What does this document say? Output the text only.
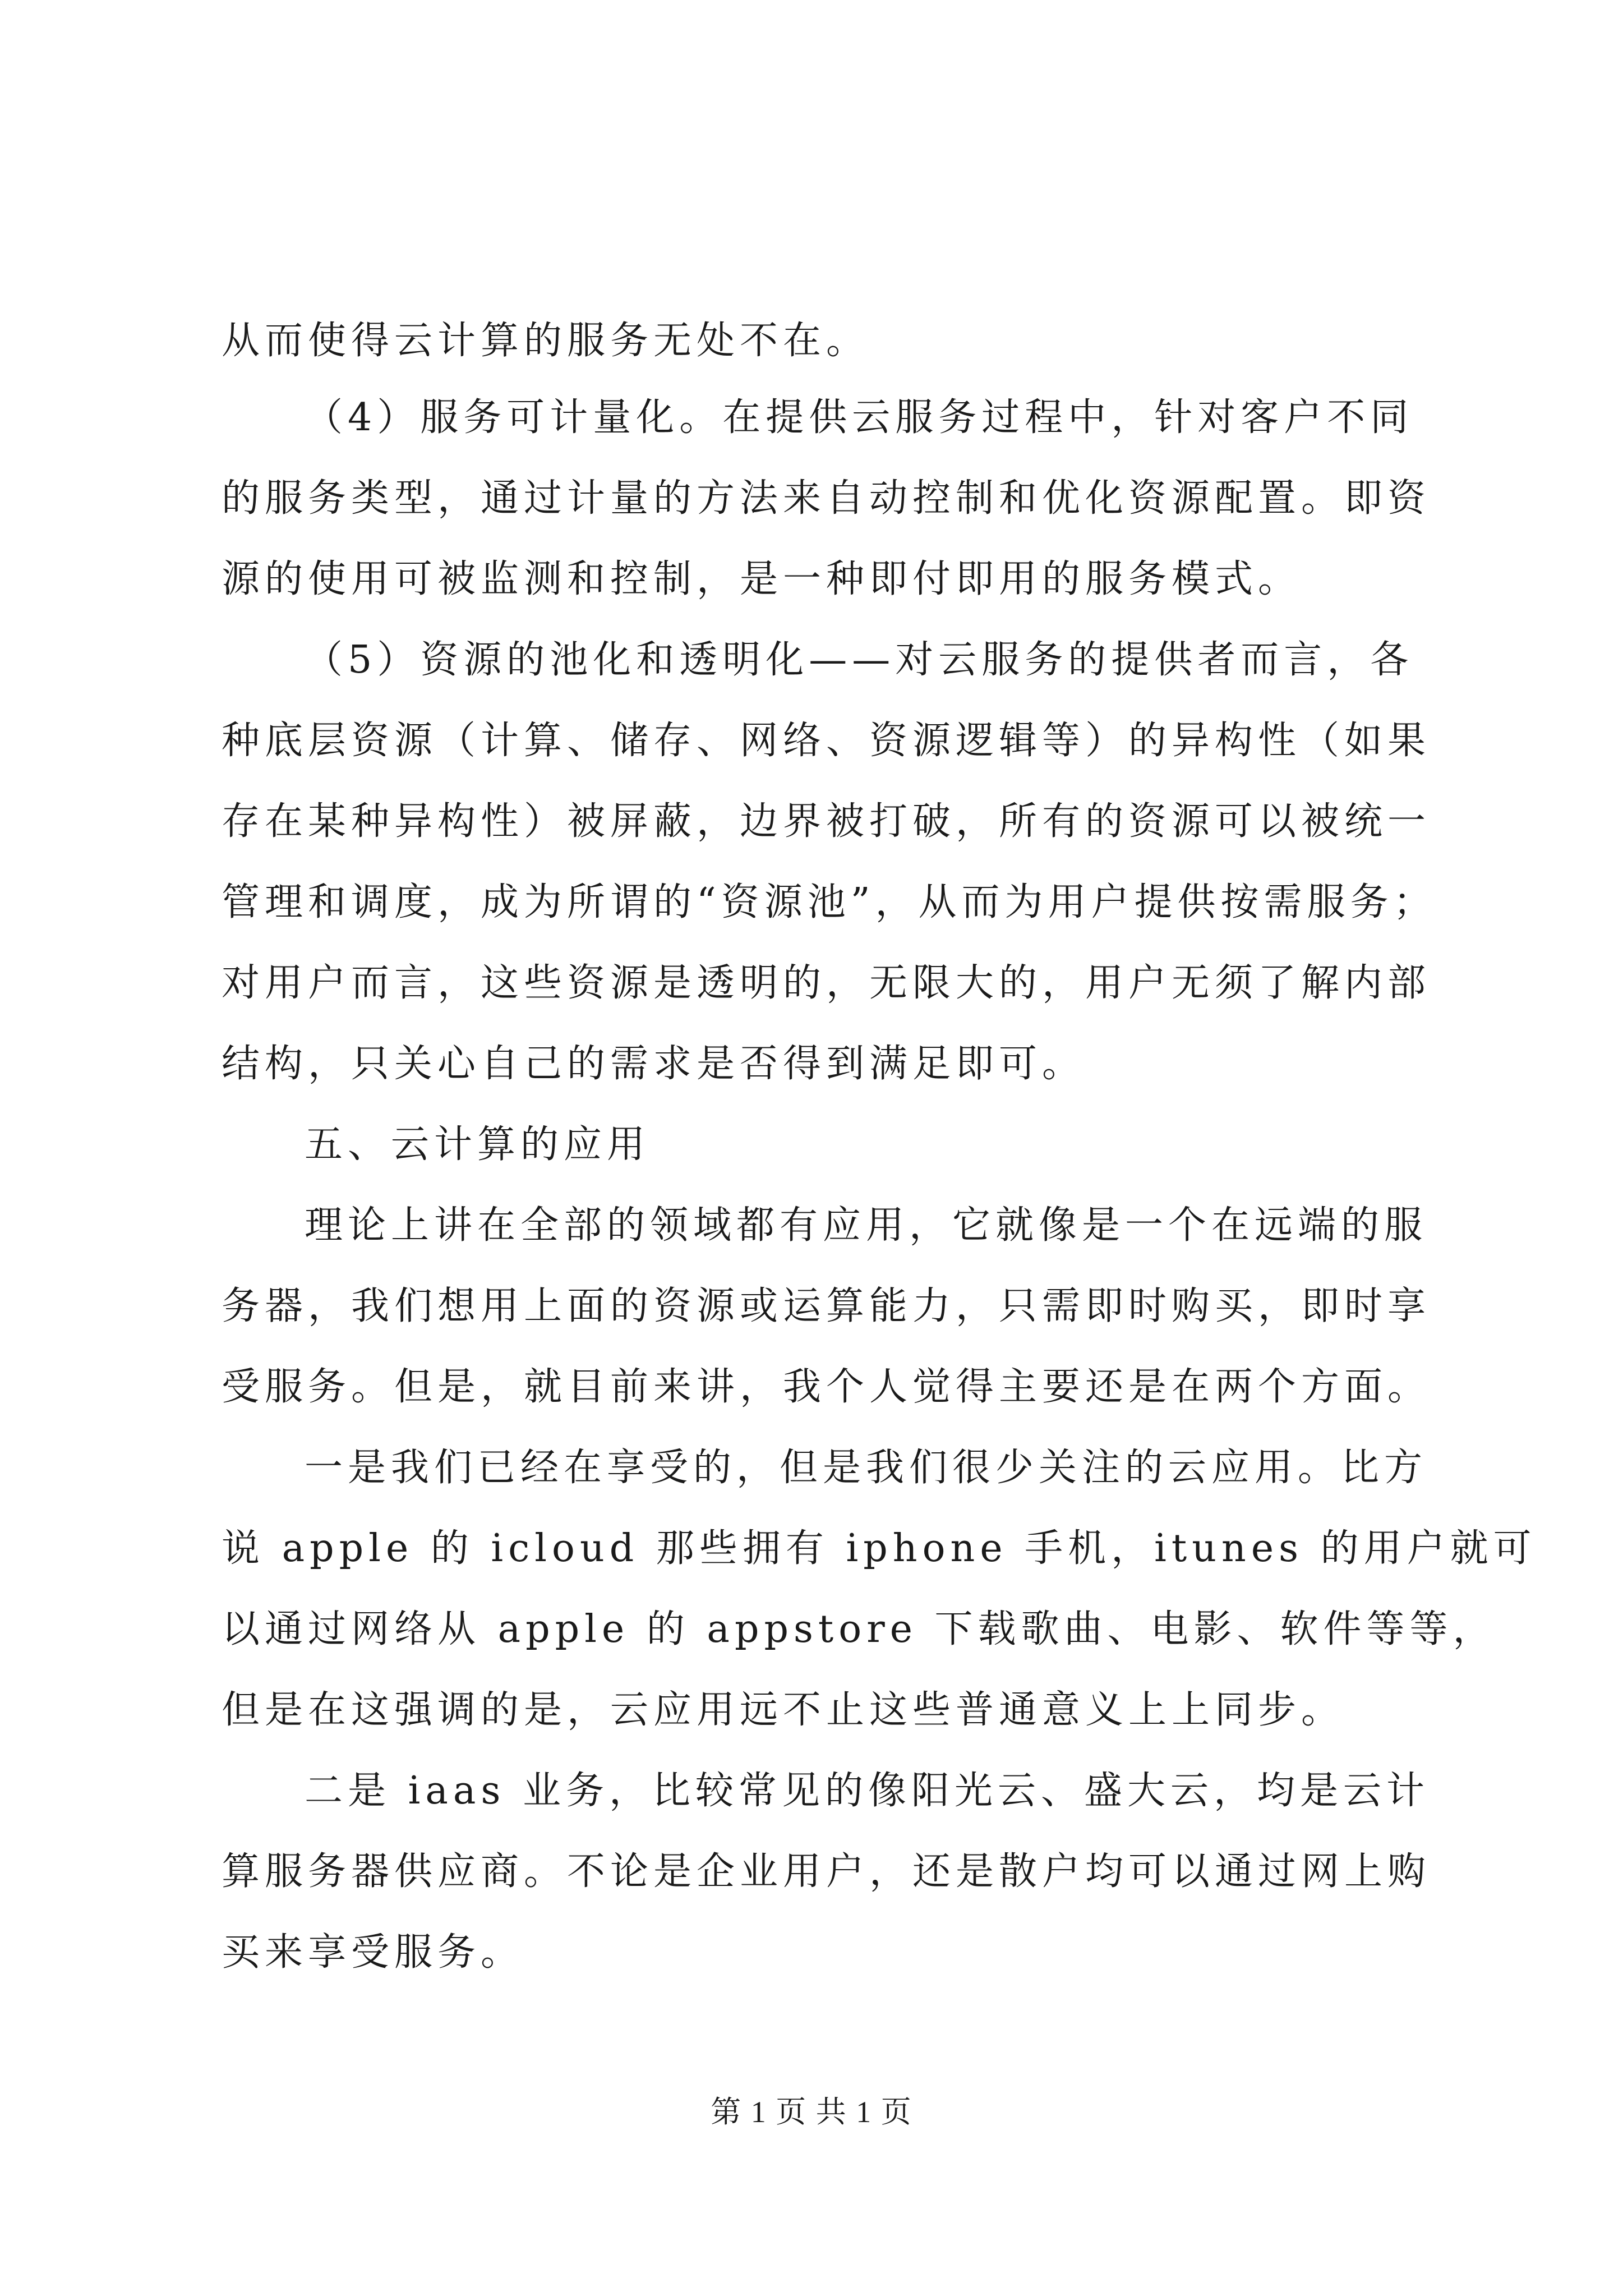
从而使得云计算的服务无处不在。
（4）服务可计量化。在提供云服务过程中，针对客户不同
的服务类型，通过计量的方法来自动控制和优化资源配置。即资
源的使用可被监测和控制，是一种即付即用的服务模式。
（5）资源的池化和透明化——对云服务的提供者而言，各
种底层资源（计算、储存、网络、资源逻辑等）的异构性（如果
存在某种异构性）被屏蔽，边界被打破，所有的资源可以被统一
管理和调度，成为所谓的“资源池”，从而为用户提供按需服务；
对用户而言，这些资源是透明的，无限大的，用户无须了解内部
结构，只关心自己的需求是否得到满足即可。
五、云计算的应用
理论上讲在全部的领域都有应用，它就像是一个在远端的服
务器，我们想用上面的资源或运算能力，只需即时购买，即时享
受服务。但是，就目前来讲，我个人觉得主要还是在两个方面。
一是我们已经在享受的，但是我们很少关注的云应用。比方
说 apple 的 icloud 那些拥有 iphone 手机，itunes 的用户就可
以通过网络从 apple 的 appstore 下载歌曲、电影、软件等等，
但是在这强调的是，云应用远不止这些普通意义上上同步。
二是 iaas 业务，比较常见的像阳光云、盛大云，均是云计
算服务器供应商。不论是企业用户，还是散户均可以通过网上购
买来享受服务。
第 1 页 共 1 页
